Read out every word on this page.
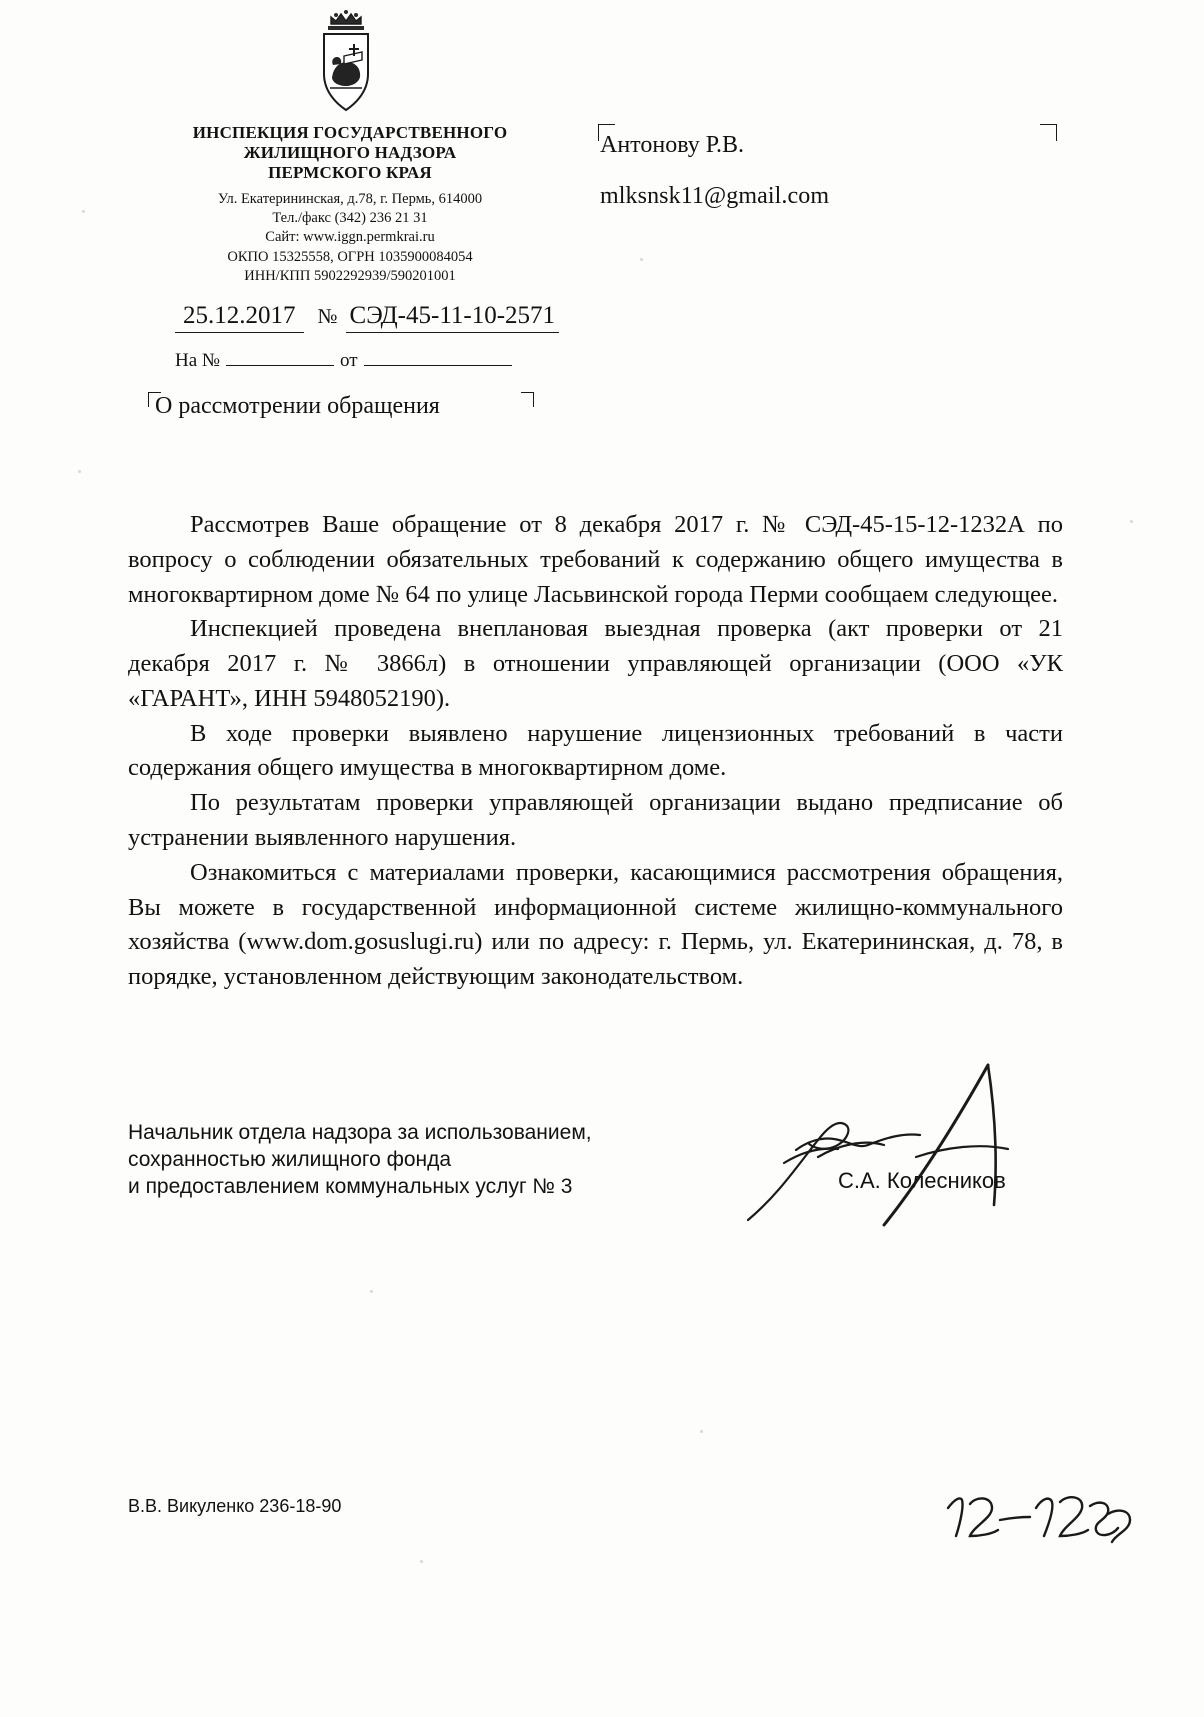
ИНСПЕКЦИЯ ГОСУДАРСТВЕННОГО
ЖИЛИЩНОГО НАДЗОРА
ПЕРМСКОГО КРАЯ
Ул. Екатерининская, д.78, г. Пермь, 614000
Тел./факс (342) 236 21 31
Сайт: www.iggn.permkrai.ru
ОКПО 15325558, ОГРН 1035900084054
ИНН/КПП 5902292939/590201001
Антонову Р.В.
mlksnsk11@gmail.com
25.12.2017	№ СЭД-45-11-10-2571
На №	от
О рассмотрении обращения

Рассмотрев Ваше обращение от 8 декабря 2017 г. № СЭД-45-15-12-1232А по вопросу о соблюдении обязательных требований к содержанию общего имущества в многоквартирном доме № 64 по улице Ласьвинской города Перми сообщаем следующее.

Инспекцией проведена внеплановая выездная проверка (акт проверки от 21 декабря 2017 г. № 3866л) в отношении управляющей организации (ООО «УК «ГАРАНТ», ИНН 5948052190).

В ходе проверки выявлено нарушение лицензионных требований в части содержания общего имущества в многоквартирном доме.

По результатам проверки управляющей организации выдано предписание об устранении выявленного нарушения.

Ознакомиться с материалами проверки, касающимися рассмотрения обращения, Вы можете в государственной информационной системе жилищно-коммунального хозяйства (www.dom.gosuslugi.ru) или по адресу: г. Пермь, ул. Екатерининская, д. 78, в порядке, установленном действующим законодательством.

Начальник отдела надзора за использованием,
сохранностью жилищного фонда
и предоставлением коммунальных услуг № 3	С.А. Колесников
В.В. Викуленко 236-18-90
